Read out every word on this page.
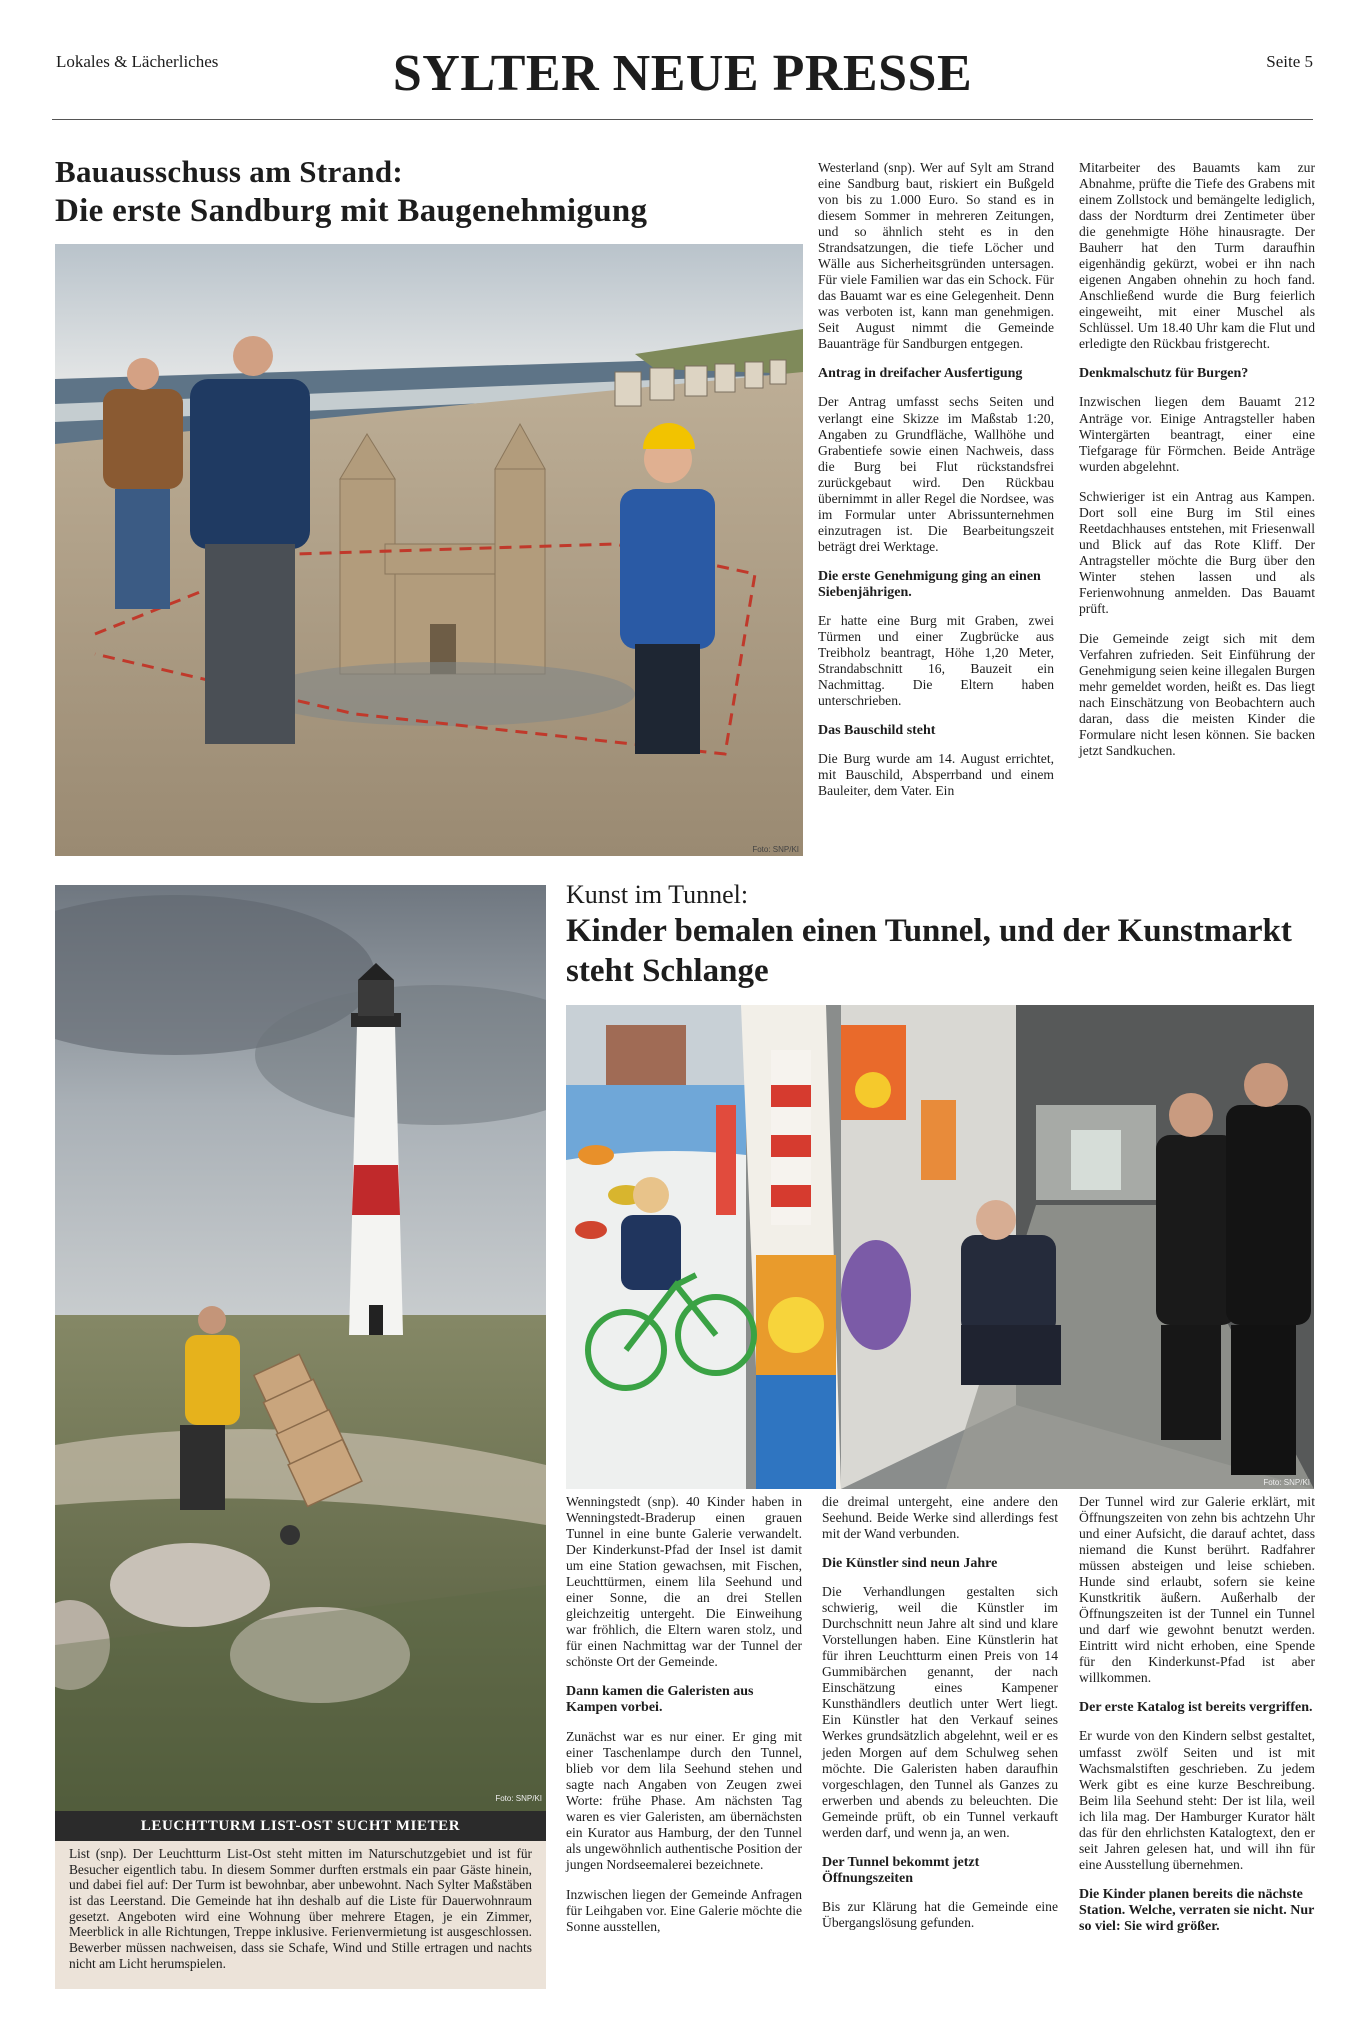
Lokales & Lächerliches	SYLTER NEUE PRESSE	Seite 5
Bauausschuss am Strand:
Die erste Sandburg mit Baugenehmigung
Foto: SNP/KI

Westerland (snp). Wer auf Sylt am Strand eine Sandburg baut, riskiert ein Bußgeld von bis zu 1.000 Euro. So stand es in diesem Sommer in mehreren Zeitungen, und so ähnlich steht es in den Strandsatzungen, die tiefe Löcher und Wälle aus Sicherheitsgründen untersagen. Für viele Familien war das ein Schock. Für das Bauamt war es eine Gelegenheit. Denn was verboten ist, kann man genehmigen. Seit August nimmt die Gemeinde Bauanträge für Sandburgen entgegen.

Antrag in dreifacher Ausfertigung

Der Antrag umfasst sechs Seiten und verlangt eine Skizze im Maßstab 1:20, Angaben zu Grundfläche, Wallhöhe und Grabentiefe sowie einen Nachweis, dass die Burg bei Flut rückstandsfrei zurückgebaut wird. Den Rückbau übernimmt in aller Regel die Nordsee, was im Formular unter Abrissunternehmen einzutragen ist. Die Bearbeitungszeit beträgt drei Werktage.

Die erste Genehmigung ging an einen Siebenjährigen.

Er hatte eine Burg mit Graben, zwei Türmen und einer Zugbrücke aus Treibholz beantragt, Höhe 1,20 Meter, Strandabschnitt 16, Bauzeit ein Nachmittag. Die Eltern haben unterschrieben.

Das Bauschild steht

Die Burg wurde am 14. August errichtet, mit Bauschild, Absperrband und einem Bauleiter, dem Vater. Ein

Mitarbeiter des Bauamts kam zur Abnahme, prüfte die Tiefe des Grabens mit einem Zollstock und bemängelte lediglich, dass der Nordturm drei Zentimeter über die genehmigte Höhe hinausragte. Der Bauherr hat den Turm daraufhin eigenhändig gekürzt, wobei er ihn nach eigenen Angaben ohnehin zu hoch fand. Anschließend wurde die Burg feierlich eingeweiht, mit einer Muschel als Schlüssel. Um 18.40 Uhr kam die Flut und erledigte den Rückbau fristgerecht.

Denkmalschutz für Burgen?

Inzwischen liegen dem Bauamt 212 Anträge vor. Einige Antragsteller haben Wintergärten beantragt, einer eine Tiefgarage für Förmchen. Beide Anträge wurden abgelehnt.

Schwieriger ist ein Antrag aus Kampen. Dort soll eine Burg im Stil eines Reetdachhauses entstehen, mit Friesenwall und Blick auf das Rote Kliff. Der Antragsteller möchte die Burg über den Winter stehen lassen und als Ferienwohnung anmelden. Das Bauamt prüft.

Die Gemeinde zeigt sich mit dem Verfahren zufrieden. Seit Einführung der Genehmigung seien keine illegalen Burgen mehr gemeldet worden, heißt es. Das liegt nach Einschätzung von Beobachtern auch daran, dass die meisten Kinder die Formulare nicht lesen können. Sie backen jetzt Sandkuchen.

Foto: SNP/KI
LEUCHTTURM LIST-OST SUCHT MIETER
List (snp). Der Leuchtturm List-Ost steht mitten im Naturschutzgebiet und ist für Besucher eigentlich tabu. In diesem Sommer durften erstmals ein paar Gäste hinein, und dabei fiel auf: Der Turm ist bewohnbar, aber unbewohnt. Nach Sylter Maßstäben ist das Leerstand. Die Gemeinde hat ihn deshalb auf die Liste für Dauerwohnraum gesetzt. Angeboten wird eine Wohnung über mehrere Etagen, je ein Zimmer, Meerblick in alle Richtungen, Treppe inklusive. Ferienvermietung ist ausgeschlossen. Bewerber müssen nachweisen, dass sie Schafe, Wind und Stille ertragen und nachts nicht am Licht herumspielen.
Kunst im Tunnel:
Kinder bemalen einen Tunnel, und der Kunstmarkt steht Schlange
Foto: SNP/KI

Wenningstedt (snp). 40 Kinder haben in Wenningstedt-Braderup einen grauen Tunnel in eine bunte Galerie verwandelt. Der Kinderkunst-Pfad der Insel ist damit um eine Station gewachsen, mit Fischen, Leuchttürmen, einem lila Seehund und einer Sonne, die an drei Stellen gleichzeitig untergeht. Die Einweihung war fröhlich, die Eltern waren stolz, und für einen Nachmittag war der Tunnel der schönste Ort der Gemeinde.

Dann kamen die Galeristen aus Kampen vorbei.

Zunächst war es nur einer. Er ging mit einer Taschenlampe durch den Tunnel, blieb vor dem lila Seehund stehen und sagte nach Angaben von Zeugen zwei Worte: frühe Phase. Am nächsten Tag waren es vier Galeristen, am übernächsten ein Kurator aus Hamburg, der den Tunnel als ungewöhnlich authentische Position der jungen Nordseemalerei bezeichnete.

Inzwischen liegen der Gemeinde Anfragen für Leihgaben vor. Eine Galerie möchte die Sonne ausstellen,

die dreimal untergeht, eine andere den Seehund. Beide Werke sind allerdings fest mit der Wand verbunden.

Die Künstler sind neun Jahre

Die Verhandlungen gestalten sich schwierig, weil die Künstler im Durchschnitt neun Jahre alt sind und klare Vorstellungen haben. Eine Künstlerin hat für ihren Leuchtturm einen Preis von 14 Gummibärchen genannt, der nach Einschätzung eines Kampener Kunsthändlers deutlich unter Wert liegt. Ein Künstler hat den Verkauf seines Werkes grundsätzlich abgelehnt, weil er es jeden Morgen auf dem Schulweg sehen möchte. Die Galeristen haben daraufhin vorgeschlagen, den Tunnel als Ganzes zu erwerben und abends zu beleuchten. Die Gemeinde prüft, ob ein Tunnel verkauft werden darf, und wenn ja, an wen.

Der Tunnel bekommt jetzt Öffnungszeiten

Bis zur Klärung hat die Gemeinde eine Übergangslösung gefunden.

Der Tunnel wird zur Galerie erklärt, mit Öffnungszeiten von zehn bis achtzehn Uhr und einer Aufsicht, die darauf achtet, dass niemand die Kunst berührt. Radfahrer müssen absteigen und leise schieben. Hunde sind erlaubt, sofern sie keine Kunstkritik äußern. Außerhalb der Öffnungszeiten ist der Tunnel ein Tunnel und darf wie gewohnt benutzt werden. Eintritt wird nicht erhoben, eine Spende für den Kinderkunst-Pfad ist aber willkommen.

Der erste Katalog ist bereits vergriffen.

Er wurde von den Kindern selbst gestaltet, umfasst zwölf Seiten und ist mit Wachsmalstiften geschrieben. Zu jedem Werk gibt es eine kurze Beschreibung. Beim lila Seehund steht: Der ist lila, weil ich lila mag. Der Hamburger Kurator hält das für den ehrlichsten Katalogtext, den er seit Jahren gelesen hat, und will ihn für eine Ausstellung übernehmen.

Die Kinder planen bereits die nächste Station. Welche, verraten sie nicht. Nur so viel: Sie wird größer.
